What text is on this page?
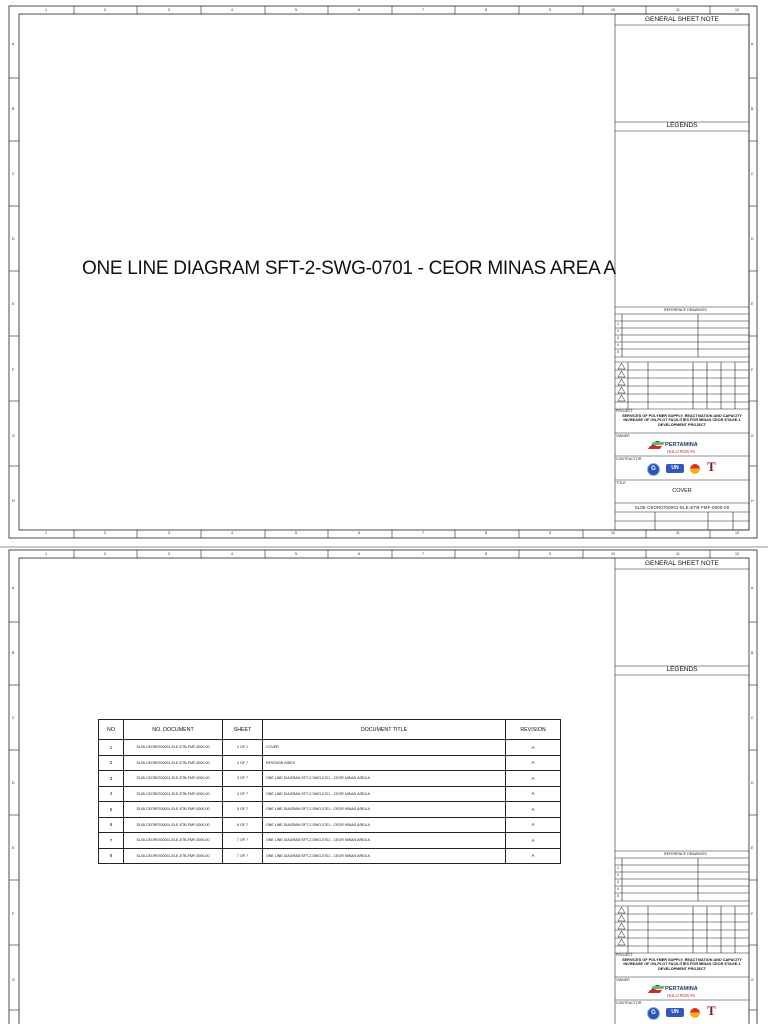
1	2	3	4	5	6	7	8	9	10	11	12
1	2	3	4	5	6	7	8	9	10	11	12
A
B
C
D
E
F
G
H
A
B
C
D
E
F
G
H
ONE LINE DIAGRAM SFT-2-SWG-0701 - CEOR MINAS AREA A
GENERAL SHEET NOTE
LEGENDS
REFERENCE DRAWINGS
1
2
3
4
5
PROJECT
SERVICES OF POLYMER SUPPLY, REACTIVATION AND CAPACITY INCREASE OF ON-PLOT FACILITIES FOR MINAS CEOR STAGE-1 DEVELOPMENT PROJECT
OWNER
PERTAMINA
HULU ROKAN
CONTRACTOR
G	UN	T
TITLE
COVER
SL05-CEOR0700001-ELE-ETB-FMF-0000-00
1	2	3	4	5	6	7	8	9	10	11	12
A
B
C
D
E
F
G
A
B
C
D
E
F
G
GENERAL SHEET NOTE
LEGENDS
REFERENCE DRAWINGS
1
2
3
4
5
PROJECT
SERVICES OF POLYMER SUPPLY, REACTIVATION AND CAPACITY INCREASE OF ON-PLOT FACILITIES FOR MINAS CEOR STAGE-1 DEVELOPMENT PROJECT
OWNER
PERTAMINA
HULU ROKAN
CONTRACTOR
G	UN	T
NO	NO. DOCUMENT	SHEET	DOCUMENT TITLE	REVISION
1	SL05-CEOR0700001-ELE-ETB-FMF-0000-00	1 OF 1	COVER	A
2	SL05-CEOR0700001-ELE-ETB-FMF-0000-00	2 OF 7	REVISION INDEX	A
3	SL05-CEOR0700001-ELE-ETB-FMF-0000-00	3 OF 7	ONE LINE DIAGRAM SFT-2-SWG-0701 - CEOR MINAS AREA A	A
4	SL05-CEOR0700001-ELE-ETB-FMF-0000-00	4 OF 7	ONE LINE DIAGRAM SFT-2-SWG-0701 - CEOR MINAS AREA A	A
5	SL05-CEOR0700001-ELE-ETB-FMF-0000-00	5 OF 7	ONE LINE DIAGRAM SFT-2-SWG-0701 - CEOR MINAS AREA A	A
6	SL05-CEOR0700001-ELE-ETB-FMF-0000-00	6 OF 7	ONE LINE DIAGRAM SFT-2-SWG-0701 - CEOR MINAS AREA A	A
7	SL05-CEOR0700001-ELE-ETB-FMF-0000-00	7 OF 7	ONE LINE DIAGRAM SFT-2-SWG-0701 - CEOR MINAS AREA A	A
8	SL05-CEOR0700001-ELE-ETB-FMF-0000-00	7 OF 7	ONE LINE DIAGRAM SFT-2-SWG-0701 - CEOR MINAS AREA A	A
